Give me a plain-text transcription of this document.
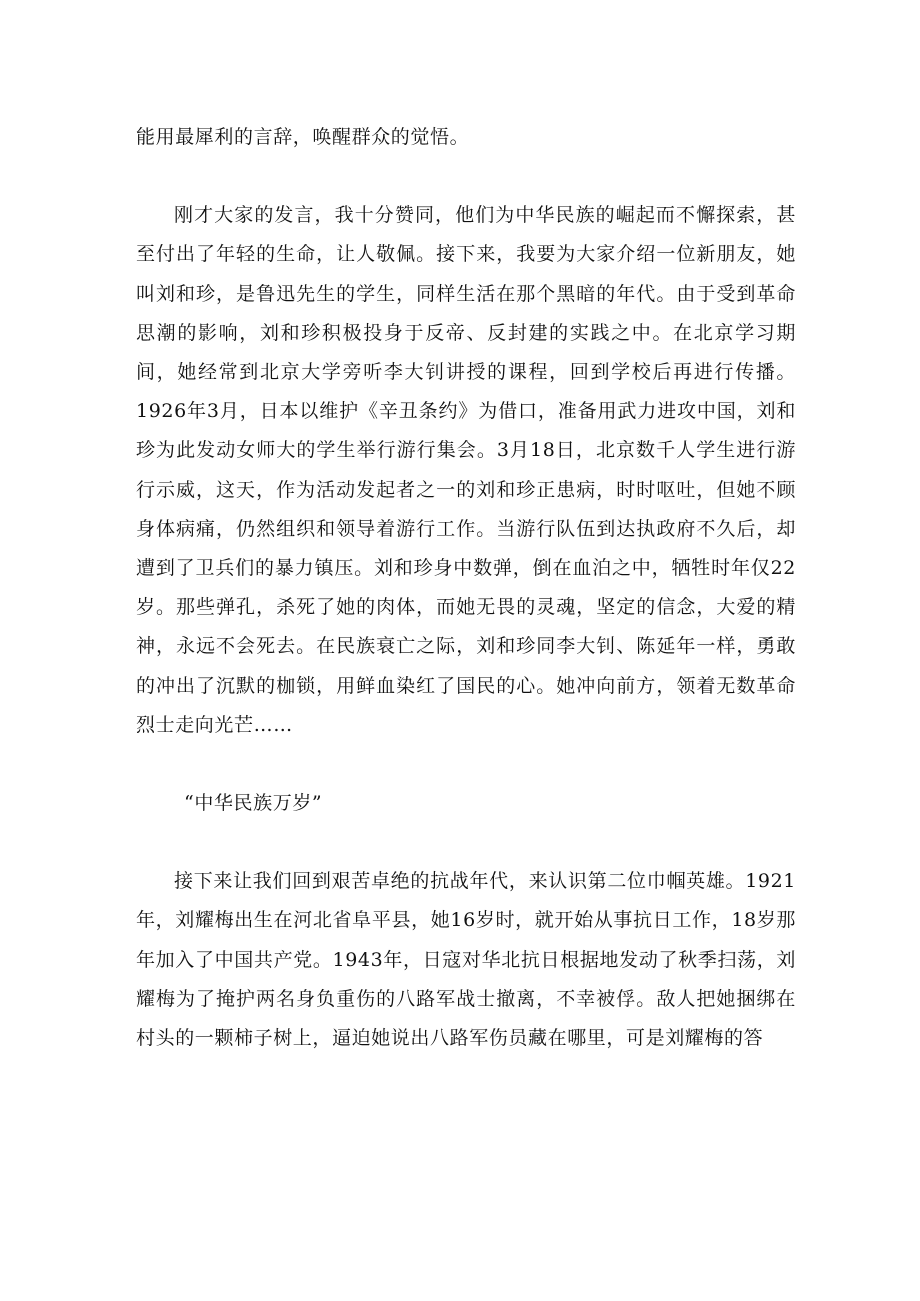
能用最犀利的言辞，唤醒群众的觉悟。

刚才大家的发言，我十分赞同，他们为中华民族的崛起而不懈探索，甚至付出了年轻的生命，让人敬佩。接下来，我要为大家介绍一位新朋友，她叫刘和珍，是鲁迅先生的学生，同样生活在那个黑暗的年代。由于受到革命思潮的影响，刘和珍积极投身于反帝、反封建的实践之中。在北京学习期间，她经常到北京大学旁听李大钊讲授的课程，回到学校后再进行传播。1926年3月，日本以维护《辛丑条约》为借口，准备用武力进攻中国，刘和珍为此发动女师大的学生举行游行集会。3月18日，北京数千人学生进行游行示威，这天，作为活动发起者之一的刘和珍正患病，时时呕吐，但她不顾身体病痛，仍然组织和领导着游行工作。当游行队伍到达执政府不久后，却遭到了卫兵们的暴力镇压。刘和珍身中数弹，倒在血泊之中，牺牲时年仅22岁。那些弹孔，杀死了她的肉体，而她无畏的灵魂，坚定的信念，大爱的精神，永远不会死去。在民族衰亡之际，刘和珍同李大钊、陈延年一样，勇敢的冲出了沉默的枷锁，用鲜血染红了国民的心。她冲向前方，领着无数革命烈士走向光芒……

“中华民族万岁”

接下来让我们回到艰苦卓绝的抗战年代，来认识第二位巾帼英雄。1921年，刘耀梅出生在河北省阜平县，她16岁时，就开始从事抗日工作，18岁那年加入了中国共产党。1943年，日寇对华北抗日根据地发动了秋季扫荡，刘耀梅为了掩护两名身负重伤的八路军战士撤离，不幸被俘。敌人把她捆绑在村头的一颗柿子树上，逼迫她说出八路军伤员藏在哪里，可是刘耀梅的答
